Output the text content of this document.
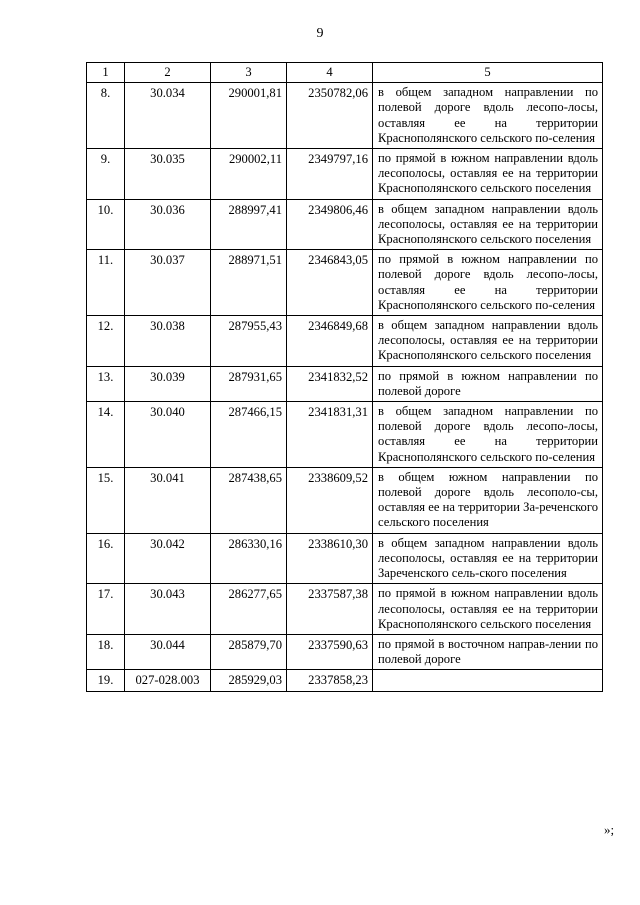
9
1	2	3	4	5
8.	30.034	290001,81	2350782,06	в общем западном направлении по полевой дороге вдоль лесопо-лосы, оставляя ее на территории Краснополянского сельского по-селения
9.	30.035	290002,11	2349797,16	по прямой в южном направлении вдоль лесополосы, оставляя ее на территории Краснополянского сельского поселения
10.	30.036	288997,41	2349806,46	в общем западном направлении вдоль лесополосы, оставляя ее на территории Краснополянского сельского поселения
11.	30.037	288971,51	2346843,05	по прямой в южном направлении по полевой дороге вдоль лесопо-лосы, оставляя ее на территории Краснополянского сельского по-селения
12.	30.038	287955,43	2346849,68	в общем западном направлении вдоль лесополосы, оставляя ее на территории Краснополянского сельского поселения
13.	30.039	287931,65	2341832,52	по прямой в южном направлении по полевой дороге
14.	30.040	287466,15	2341831,31	в общем западном направлении по полевой дороге вдоль лесопо-лосы, оставляя ее на территории Краснополянского сельского по-селения
15.	30.041	287438,65	2338609,52	в общем южном направлении по полевой дороге вдоль лесополо-сы, оставляя ее на территории За-реченского сельского поселения
16.	30.042	286330,16	2338610,30	в общем западном направлении вдоль лесополосы, оставляя ее на территории Зареченского сель-ского поселения
17.	30.043	286277,65	2337587,38	по прямой в южном направлении вдоль лесополосы, оставляя ее на территории Краснополянского сельского поселения
18.	30.044	285879,70	2337590,63	по прямой в восточном направ-лении по полевой дороге
19.	027-028.003	285929,03	2337858,23	
»;
